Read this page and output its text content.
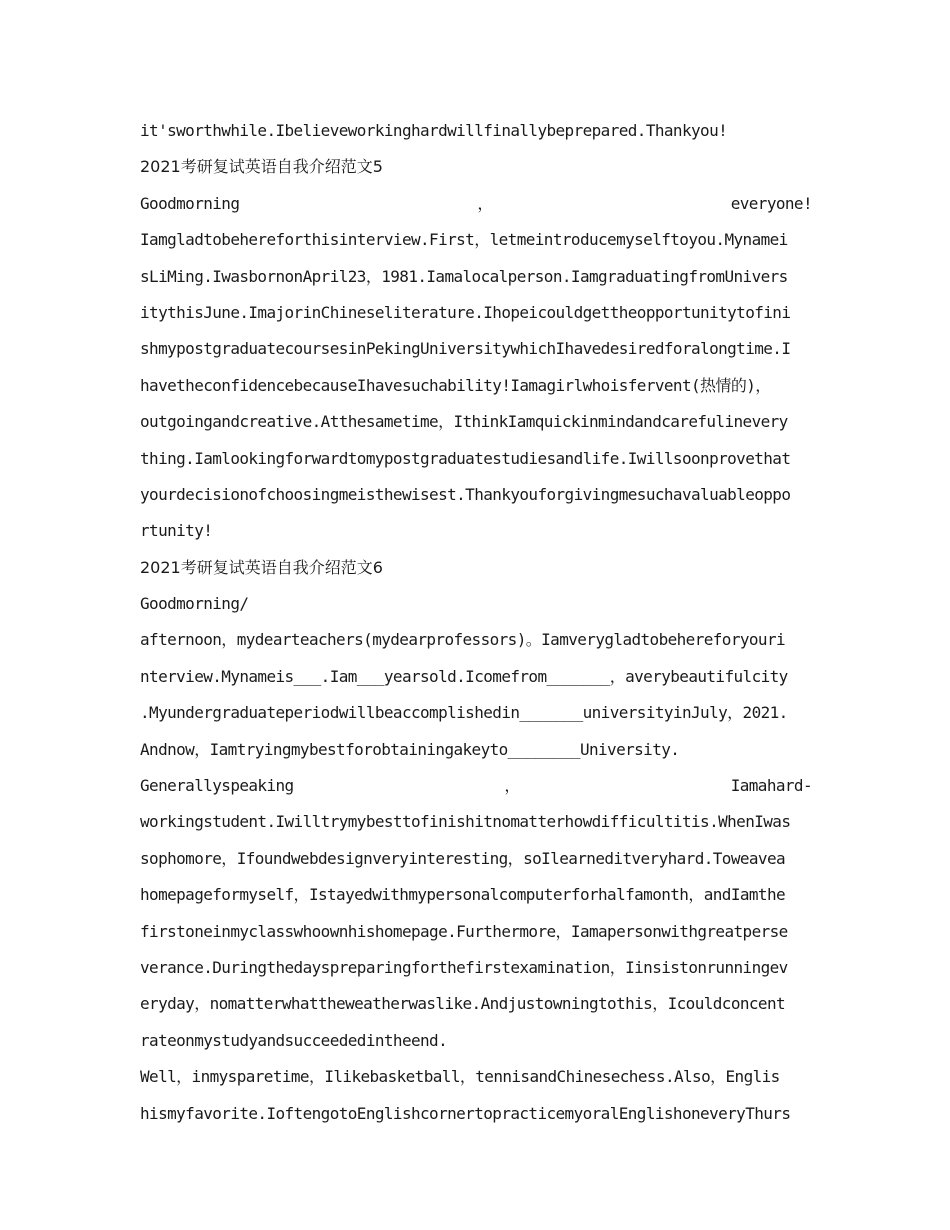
it'sworthwhile.Ibelieveworkinghardwillfinallybeprepared.Thankyou!
2021考研复试英语自我介绍范文5
Goodmorning	，	everyone!
Iamgladtobehereforthisinterview.First，letmeintroducemyselftoyou.Mynamei
sLiMing.IwasbornonApril23，1981.Iamalocalperson.IamgraduatingfromUnivers
itythisJune.ImajorinChineseliterature.Ihopeicouldgettheopportunitytofini
shmypostgraduatecoursesinPekingUniversitywhichIhavedesiredforalongtime.I
havetheconfidencebecauseIhavesuchability!Iamagirlwhoisfervent(热情的)，
outgoingandcreative.Atthesametime，IthinkIamquickinmindandcarefulinevery
thing.Iamlookingforwardtomypostgraduatestudiesandlife.Iwillsoonprovethat
yourdecisionofchoosingmeisthewisest.Thankyouforgivingmesuchavaluableoppo
rtunity!
2021考研复试英语自我介绍范文6
Goodmorning/
afternoon，mydearteachers(mydearprofessors)。Iamverygladtobehereforyouri
nterview.Mynameis___.Iam___yearsold.Icomefrom_______，averybeautifulcity
.Myundergraduateperiodwillbeaccomplishedin_______universityinJuly，2021.
Andnow，Iamtryingmybestforobtainingakeyto________University.
Generallyspeaking	，	Iamahard-
workingstudent.Iwilltrymybesttofinishitnomatterhowdifficultitis.WhenIwas
sophomore，Ifoundwebdesignveryinteresting，soIlearneditveryhard.Toweavea
homepageformyself，Istayedwithmypersonalcomputerforhalfamonth，andIamthe
firstoneinmyclasswhoownhishomepage.Furthermore，Iamapersonwithgreatperse
verance.Duringthedayspreparingforthefirstexamination，Iinsistonrunningev
eryday，nomatterwhattheweatherwaslike.Andjustowningtothis，Icouldconcent
rateonmystudyandsucceededintheend.
Well，inmysparetime，Ilikebasketball，tennisandChinesechess.Also，Englis
hismyfavorite.IoftengotoEnglishcornertopracticemyoralEnglishoneveryThurs
